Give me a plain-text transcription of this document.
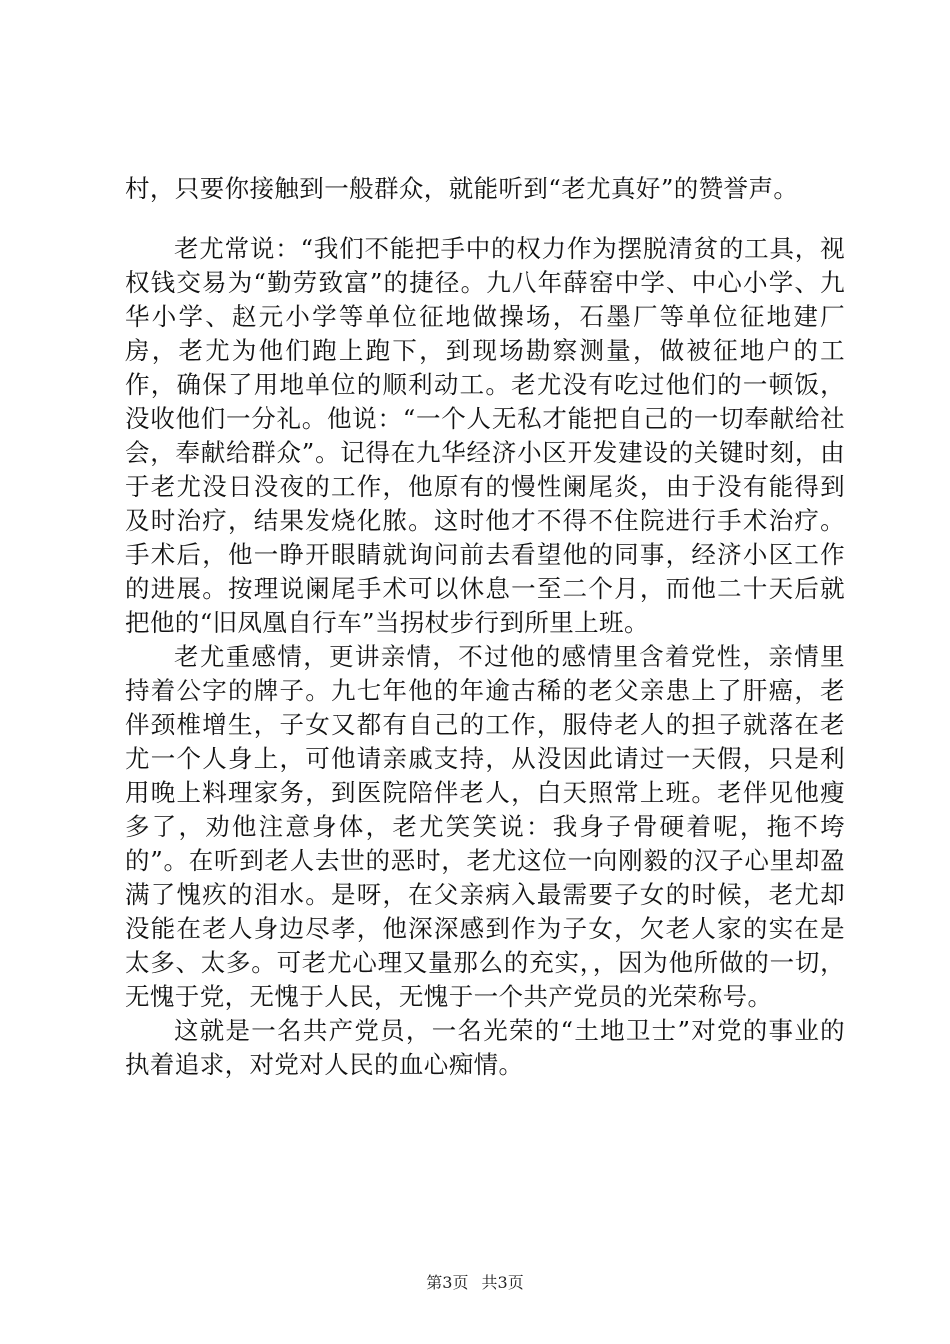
村，只要你接触到一般群众，就能听到“老尤真好”的赞誉声。

老尤常说：“我们不能把手中的权力作为摆脱清贫的工具，视权钱交易为“勤劳致富”的捷径。九八年薛窑中学、中心小学、九华小学、赵元小学等单位征地做操场，石墨厂等单位征地建厂房，老尤为他们跑上跑下，到现场勘察测量，做被征地户的工作，确保了用地单位的顺利动工。老尤没有吃过他们的一顿饭，没收他们一分礼。他说：“一个人无私才能把自己的一切奉献给社会，奉献给群众”。记得在九华经济小区开发建设的关键时刻，由于老尤没日没夜的工作，他原有的慢性阑尾炎，由于没有能得到及时治疗，结果发烧化脓。这时他才不得不住院进行手术治疗。手术后，他一睁开眼睛就询问前去看望他的同事，经济小区工作的进展。按理说阑尾手术可以休息一至二个月，而他二十天后就把他的“旧凤凰自行车”当拐杖步行到所里上班。

老尤重感情，更讲亲情，不过他的感情里含着党性，亲情里持着公字的牌子。九七年他的年逾古稀的老父亲患上了肝癌，老伴颈椎增生，子女又都有自己的工作，服侍老人的担子就落在老尤一个人身上，可他请亲戚支持，从没因此请过一天假，只是利用晚上料理家务，到医院陪伴老人，白天照常上班。老伴见他瘦多了，劝他注意身体，老尤笑笑说：我身子骨硬着呢，拖不垮的”。在听到老人去世的恶时，老尤这位一向刚毅的汉子心里却盈满了愧疚的泪水。是呀，在父亲病入最需要子女的时候，老尤却没能在老人身边尽孝，他深深感到作为子女，欠老人家的实在是太多、太多。可老尤心理又量那么的充实，，因为他所做的一切，无愧于党，无愧于人民，无愧于一个共产党员的光荣称号。

这就是一名共产党员，一名光荣的“土地卫士”对党的事业的执着追求，对党对人民的血心痴情。

第3页 共3页
